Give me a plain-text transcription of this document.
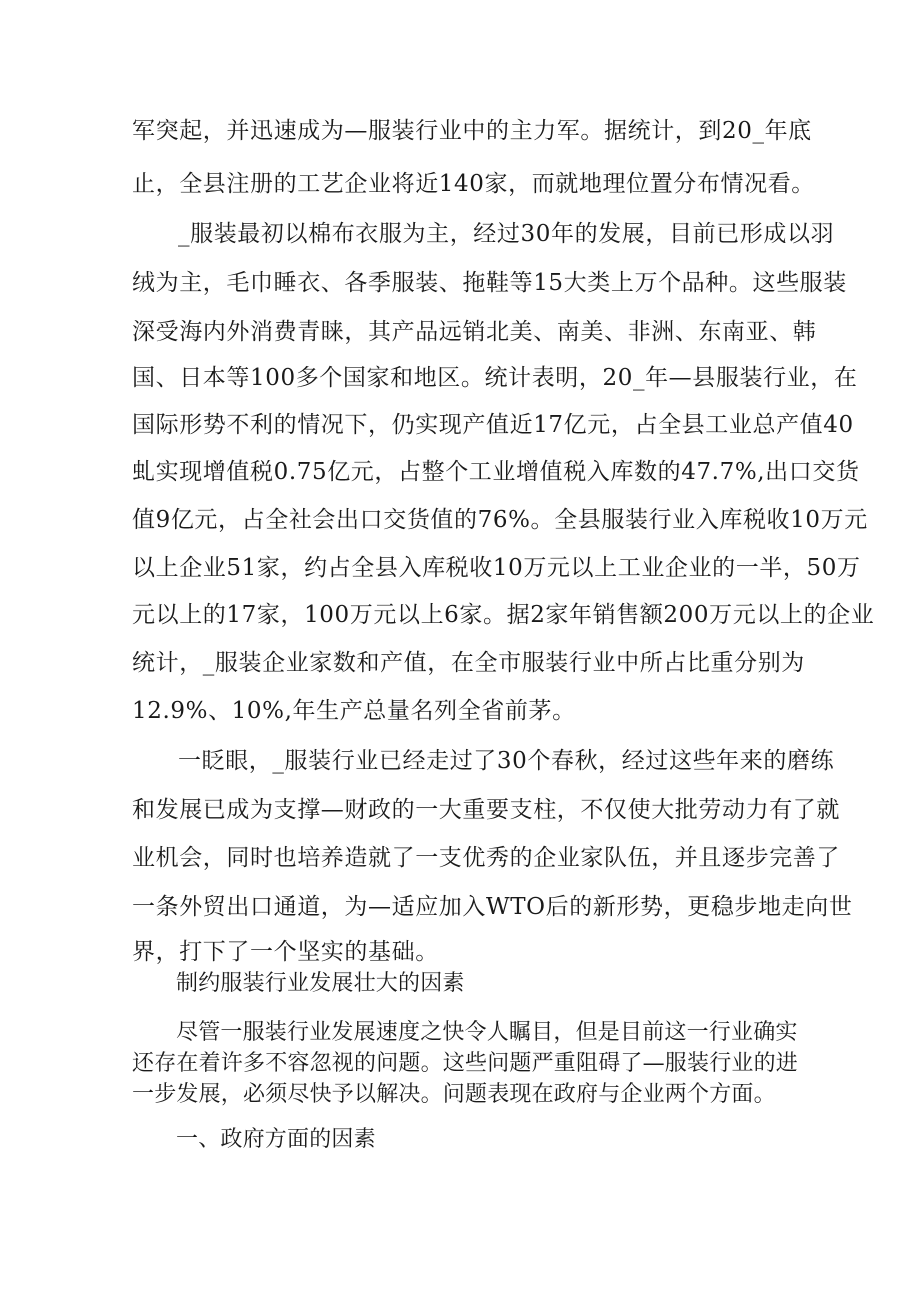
军突起，并迅速成为—服装行业中的主力军。据统计，到20_年底
止，全县注册的工艺企业将近140家，而就地理位置分布情况看。
_服装最初以棉布衣服为主，经过30年的发展，目前已形成以羽
绒为主，毛巾睡衣、各季服装、拖鞋等15大类上万个品种。这些服装
深受海内外消费青睐，其产品远销北美、南美、非洲、东南亚、韩
国、日本等100多个国家和地区。统计表明，20_年—县服装行业，在
国际形势不利的情况下，仍实现产值近17亿元，占全县工业总产值40
虬实现增值税0.75亿元，占整个工业增值税入库数的47.7%,出口交货
值9亿元，占全社会出口交货值的76%。全县服装行业入库税收10万元
以上企业51家，约占全县入库税收10万元以上工业企业的一半，50万
元以上的17家，100万元以上6家。据2家年销售额200万元以上的企业
统计，_服装企业家数和产值，在全市服装行业中所占比重分别为
12.9%、10%,年生产总量名列全省前茅。
一眨眼，_服装行业已经走过了30个春秋，经过这些年来的磨练
和发展已成为支撑—财政的一大重要支柱，不仅使大批劳动力有了就
业机会，同时也培养造就了一支优秀的企业家队伍，并且逐步完善了
一条外贸出口通道，为—适应加入WTO后的新形势，更稳步地走向世
界，打下了一个坚实的基础。
制约服装行业发展壮大的因素
尽管一服装行业发展速度之快令人瞩目，但是目前这一行业确实
还存在着许多不容忽视的问题。这些问题严重阻碍了—服装行业的进
一步发展，必须尽快予以解决。问题表现在政府与企业两个方面。
一、政府方面的因素
